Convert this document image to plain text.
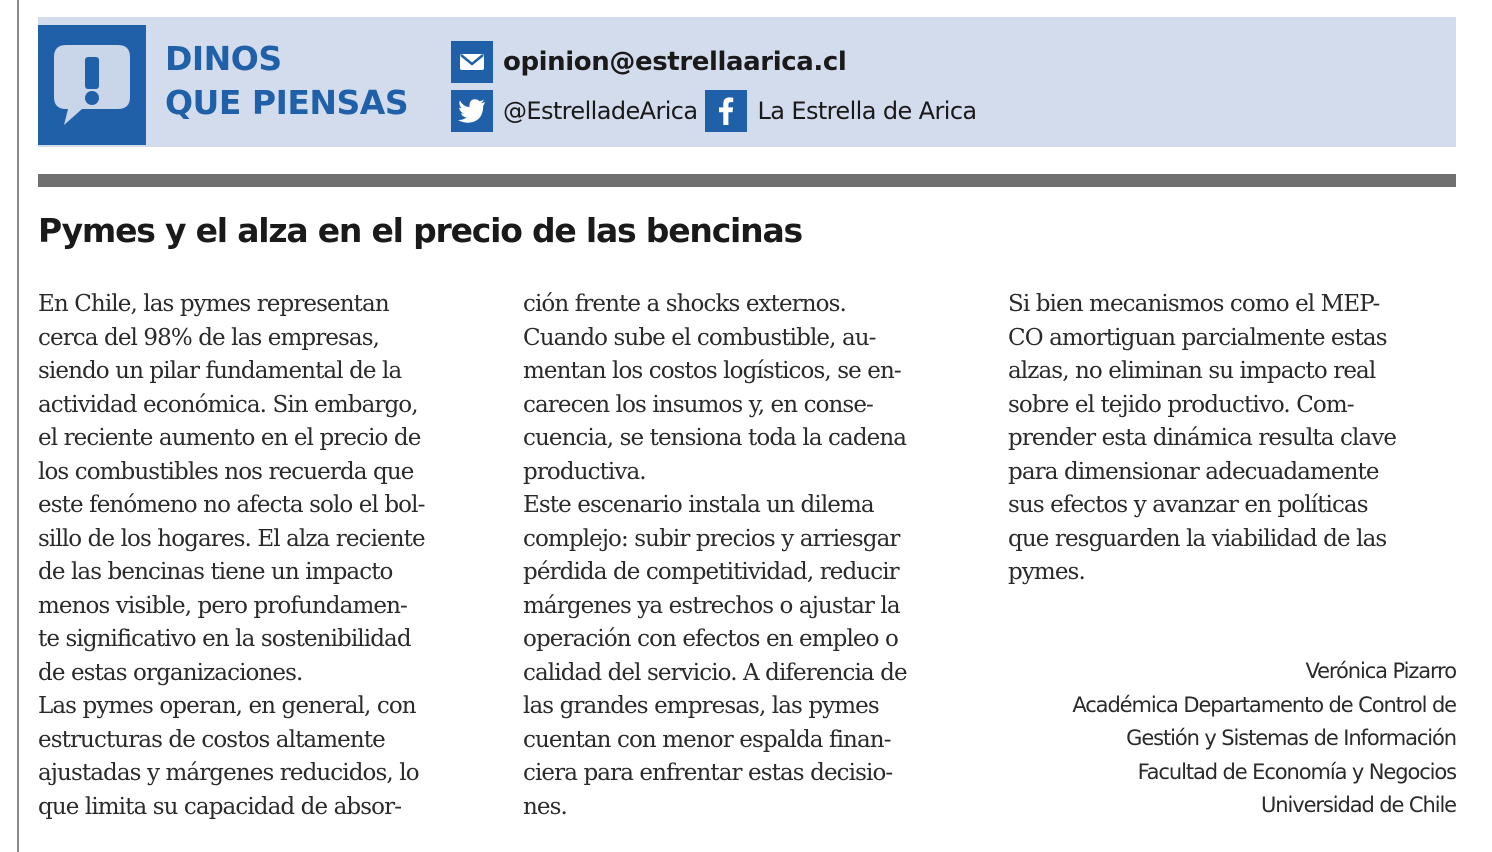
DINOS
QUE PIENSAS
opinion@estrellaarica.cl
@EstrelladeArica	La Estrella de Arica
Pymes y el alza en el precio de las bencinas
En Chile, las pymes representan
cerca del 98% de las empresas,
siendo un pilar fundamental de la
actividad económica. Sin embargo,
el reciente aumento en el precio de
los combustibles nos recuerda que
este fenómeno no afecta solo el bol-
sillo de los hogares. El alza reciente
de las bencinas tiene un impacto
menos visible, pero profundamen-
te significativo en la sostenibilidad
de estas organizaciones.
Las pymes operan, en general, con
estructuras de costos altamente
ajustadas y márgenes reducidos, lo
que limita su capacidad de absor-
ción frente a shocks externos.
Cuando sube el combustible, au-
mentan los costos logísticos, se en-
carecen los insumos y, en conse-
cuencia, se tensiona toda la cadena
productiva.
Este escenario instala un dilema
complejo: subir precios y arriesgar
pérdida de competitividad, reducir
márgenes ya estrechos o ajustar la
operación con efectos en empleo o
calidad del servicio. A diferencia de
las grandes empresas, las pymes
cuentan con menor espalda finan-
ciera para enfrentar estas decisio-
nes.
Si bien mecanismos como el MEP-
CO amortiguan parcialmente estas
alzas, no eliminan su impacto real
sobre el tejido productivo. Com-
prender esta dinámica resulta clave
para dimensionar adecuadamente
sus efectos y avanzar en políticas
que resguarden la viabilidad de las
pymes.
Verónica Pizarro
Académica Departamento de Control de
Gestión y Sistemas de Información
Facultad de Economía y Negocios
Universidad de Chile
